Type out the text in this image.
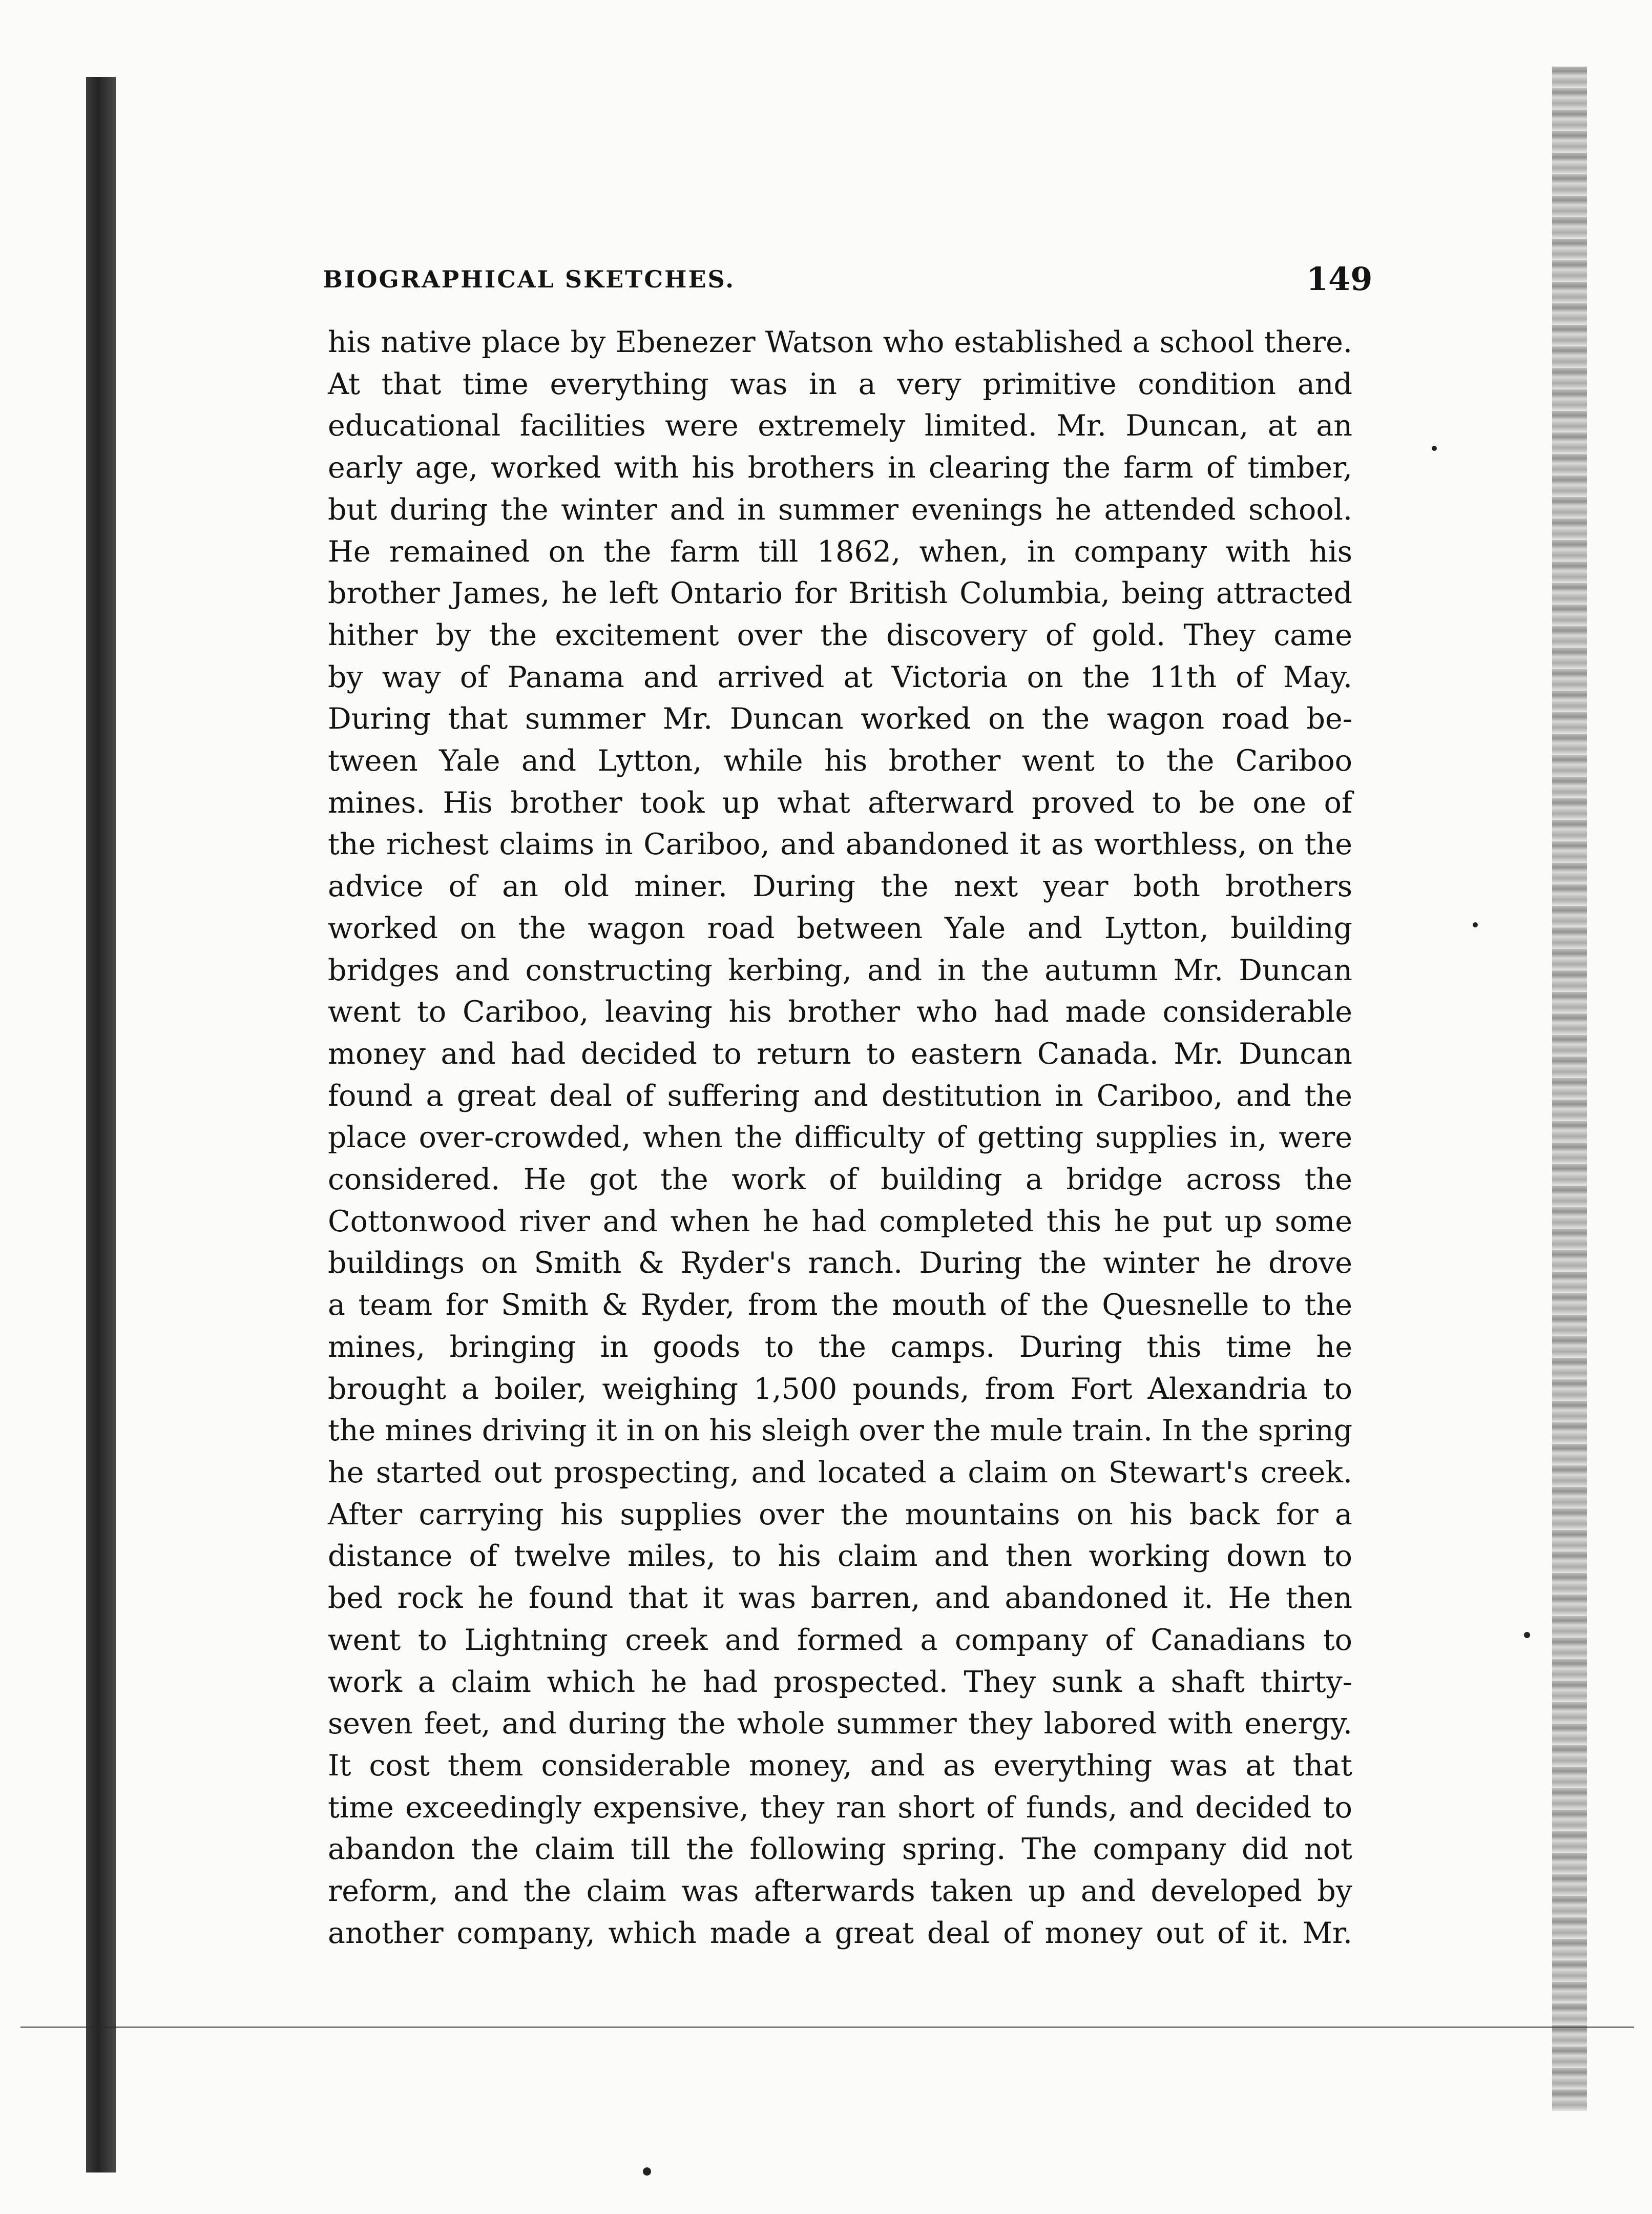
BIOGRAPHICAL SKETCHES.	149

his native place by Ebenezer Watson who established a school there.
At that time everything was in a very primitive condition and
educational facilities were extremely limited. Mr. Duncan, at an
early age, worked with his brothers in clearing the farm of timber,
but during the winter and in summer evenings he attended school.
He remained on the farm till 1862, when, in company with his
brother James, he left Ontario for British Columbia, being attracted
hither by the excitement over the discovery of gold. They came
by way of Panama and arrived at Victoria on the 11th of May.
During that summer Mr. Duncan worked on the wagon road be-
tween Yale and Lytton, while his brother went to the Cariboo
mines. His brother took up what afterward proved to be one of
the richest claims in Cariboo, and abandoned it as worthless, on the
advice of an old miner. During the next year both brothers
worked on the wagon road between Yale and Lytton, building
bridges and constructing kerbing, and in the autumn Mr. Duncan
went to Cariboo, leaving his brother who had made considerable
money and had decided to return to eastern Canada. Mr. Duncan
found a great deal of suffering and destitution in Cariboo, and the
place over-crowded, when the difficulty of getting supplies in, were
considered. He got the work of building a bridge across the
Cottonwood river and when he had completed this he put up some
buildings on Smith & Ryder's ranch. During the winter he drove
a team for Smith & Ryder, from the mouth of the Quesnelle to the
mines, bringing in goods to the camps. During this time he
brought a boiler, weighing 1,500 pounds, from Fort Alexandria to
the mines driving it in on his sleigh over the mule train. In the spring
he started out prospecting, and located a claim on Stewart's creek.
After carrying his supplies over the mountains on his back for a
distance of twelve miles, to his claim and then working down to
bed rock he found that it was barren, and abandoned it. He then
went to Lightning creek and formed a company of Canadians to
work a claim which he had prospected. They sunk a shaft thirty-
seven feet, and during the whole summer they labored with energy.
It cost them considerable money, and as everything was at that
time exceedingly expensive, they ran short of funds, and decided to
abandon the claim till the following spring. The company did not
reform, and the claim was afterwards taken up and developed by
another company, which made a great deal of money out of it. Mr.
